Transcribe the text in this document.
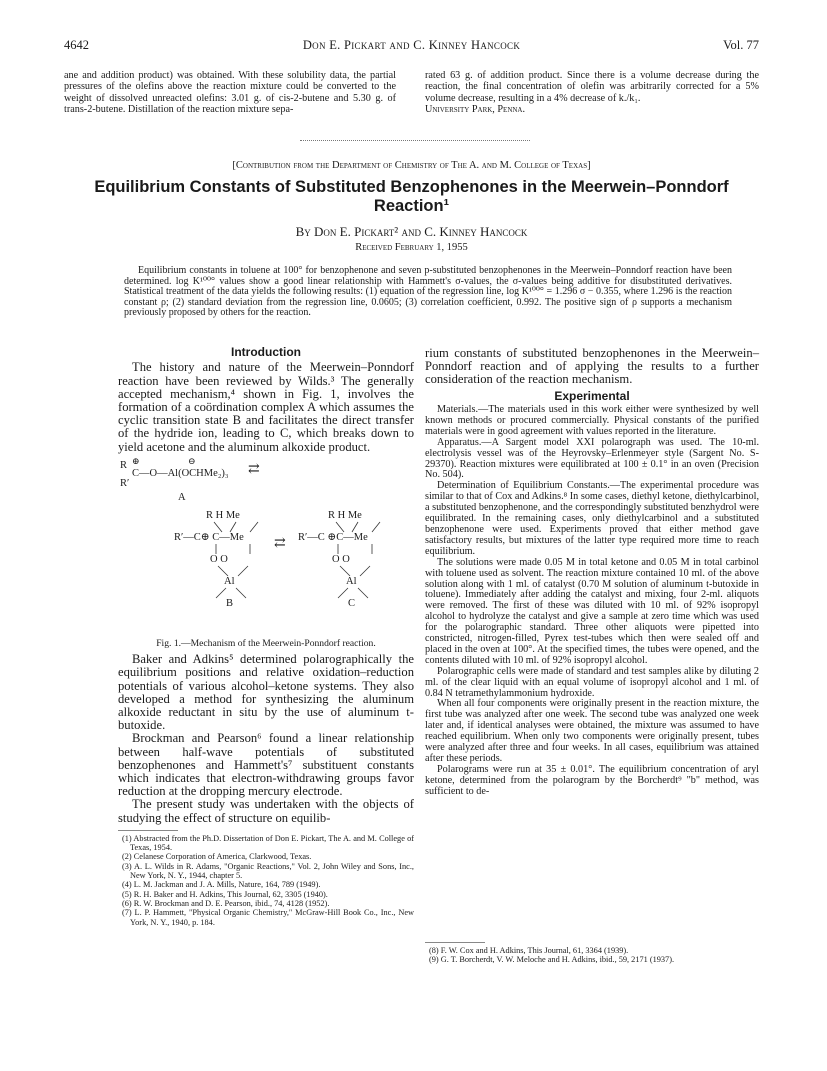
4642	Don E. Pickart and C. Kinney Hancock	Vol. 77

ane and addition product) was obtained. With these solubility data, the partial pressures of the olefins above the reaction mixture could be converted to the weight of dissolved unreacted olefins: 3.01 g. of cis-2-butene and 5.30 g. of trans-2-butene. Distillation of the reaction mixture sepa-

rated 63 g. of addition product. Since there is a volume decrease during the reaction, the final concentration of olefin was arbitrarily corrected for a 5% volume decrease, resulting in a 4% decrease of k./k₁.

University Park, Penna.

[Contribution from the Department of Chemistry of The A. and M. College of Texas]
Equilibrium Constants of Substituted Benzophenones in the Meerwein–Ponndorf Reaction¹
By Don E. Pickart² and C. Kinney Hancock
Received February 1, 1955
Equilibrium constants in toluene at 100° for benzophenone and seven p-substituted benzophenones in the Meerwein–Ponndorf reaction have been determined. log K¹⁰⁰° values show a good linear relationship with Hammett's σ-values, the σ-values being additive for disubstituted derivatives. Statistical treatment of the data yields the following results: (1) equation of the regression line, log K¹⁰⁰° = 1.296 σ − 0.355, where 1.296 is the reaction constant ρ; (2) standard deviation from the regression line, 0.0605; (3) correlation coefficient, 0.992. The positive sign of ρ supports a mechanism previously proposed by others for the reaction.
Introduction

The history and nature of the Meerwein–Ponndorf reaction have been reviewed by Wilds.³ The generally accepted mechanism,⁴ shown in Fig. 1, involves the formation of a coördination complex A which assumes the cyclic transition state B and facilitates the direct transfer of the hydride ion, leading to C, which breaks down to yield acetone and the aluminum alkoxide product.

R ⊕	⊖
C—O—Al(OCHMe₂)₃
R′
⇄
A
R H Me
R′—C⊕ C—Me
O O
Al
B
⇄
R H Me
R′—C ⊕C—Me
O O
Al
C
Fig. 1.—Mechanism of the Meerwein-Ponndorf reaction.

Baker and Adkins⁵ determined polarographically the equilibrium positions and relative oxidation–reduction potentials of various alcohol–ketone systems. They also developed a method for synthesizing the aluminum alkoxide reductant in situ by the use of aluminum t-butoxide.

Brockman and Pearson⁶ found a linear relationship between half-wave potentials of substituted benzophenones and Hammett's⁷ substituent constants which indicates that electron-withdrawing groups favor reduction at the dropping mercury electrode.

The present study was undertaken with the objects of studying the effect of structure on equilib-

(1) Abstracted from the Ph.D. Dissertation of Don E. Pickart, The A. and M. College of Texas, 1954.

(2) Celanese Corporation of America, Clarkwood, Texas.

(3) A. L. Wilds in R. Adams, "Organic Reactions," Vol. 2, John Wiley and Sons, Inc., New York, N. Y., 1944, chapter 5.

(4) L. M. Jackman and J. A. Mills, Nature, 164, 789 (1949).

(5) R. H. Baker and H. Adkins, This Journal, 62, 3305 (1940).

(6) R. W. Brockman and D. E. Pearson, ibid., 74, 4128 (1952).

(7) L. P. Hammett, "Physical Organic Chemistry," McGraw-Hill Book Co., Inc., New York, N. Y., 1940, p. 184.

rium constants of substituted benzophenones in the Meerwein–Ponndorf reaction and of applying the results to a further consideration of the reaction mechanism.

Experimental

Materials.—The materials used in this work either were synthesized by well known methods or procured commercially. Physical constants of the purified materials were in good agreement with values reported in the literature.

Apparatus.—A Sargent model XXI polarograph was used. The 10-ml. electrolysis vessel was of the Heyrovsky–Erlenmeyer style (Sargent No. S-29370). Reaction mixtures were equilibrated at 100 ± 0.1° in an oven (Precision No. 504).

Determination of Equilibrium Constants.—The experimental procedure was similar to that of Cox and Adkins.⁸ In some cases, diethyl ketone, diethylcarbinol, a substituted benzophenone, and the correspondingly substituted benzhydrol were equilibrated. In the remaining cases, only diethylcarbinol and a substituted benzophenone were used. Experiments proved that either method gave satisfactory results, but mixtures of the latter type required more time to reach equilibrium.

The solutions were made 0.05 M in total ketone and 0.05 M in total carbinol with toluene used as solvent. The reaction mixture contained 10 ml. of the above solution along with 1 ml. of catalyst (0.70 M solution of aluminum t-butoxide in toluene). Immediately after adding the catalyst and mixing, four 2-ml. aliquots were removed. The first of these was diluted with 10 ml. of 92% isopropyl alcohol to hydrolyze the catalyst and give a sample at zero time which was used for the polarographic standard. Three other aliquots were pipetted into constricted, nitrogen-filled, Pyrex test-tubes which then were sealed off and placed in the oven at 100°. At the specified times, the tubes were opened, and the contents diluted with 10 ml. of 92% isopropyl alcohol.

Polarographic cells were made of standard and test samples alike by diluting 2 ml. of the clear liquid with an equal volume of isopropyl alcohol and 1 ml. of 0.84 N tetramethylammonium hydroxide.

When all four components were originally present in the reaction mixture, the first tube was analyzed after one week. The second tube was analyzed one week later and, if identical analyses were obtained, the mixture was assumed to have reached equilibrium. When only two components were originally present, tubes were analyzed after three and four weeks. In all cases, equilibrium was attained after these periods.

Polarograms were run at 35 ± 0.01°. The equilibrium concentration of aryl ketone, determined from the polarogram by the Borcherdt⁹ "b" method, was sufficient to de-

(8) F. W. Cox and H. Adkins, This Journal, 61, 3364 (1939).

(9) G. T. Borcherdt, V. W. Meloche and H. Adkins, ibid., 59, 2171 (1937).
